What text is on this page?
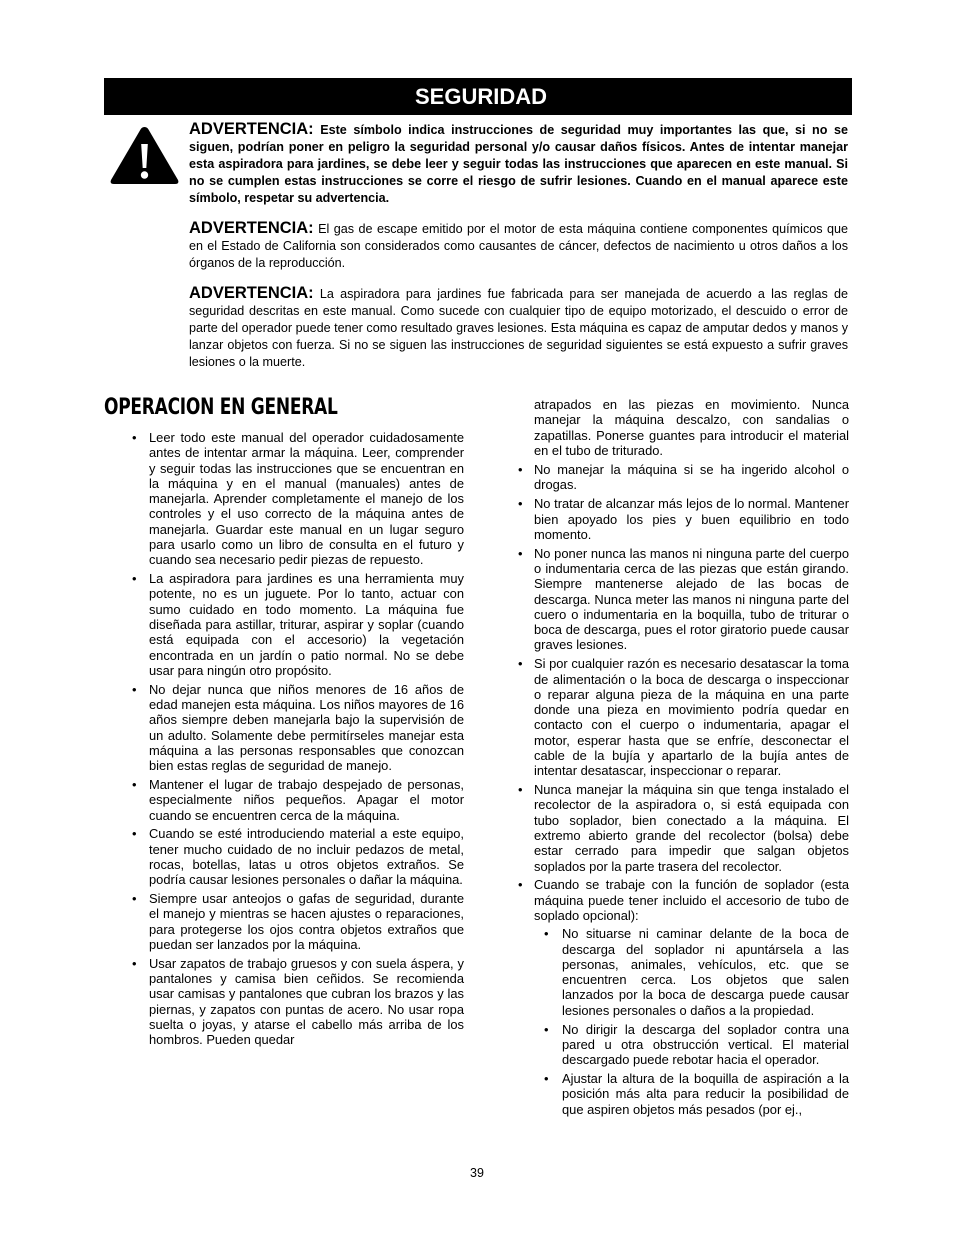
SEGURIDAD

ADVERTENCIA: Este símbolo indica instrucciones de seguridad muy importantes las que, si no se siguen, podrían poner en peligro la seguridad personal y/o causar daños físicos. Antes de intentar manejar esta aspiradora para jardines, se debe leer y seguir todas las instrucciones que aparecen en este manual. Si no se cumplen estas instrucciones se corre el riesgo de sufrir lesiones. Cuando en el manual aparece este símbolo, respetar su advertencia.

ADVERTENCIA: El gas de escape emitido por el motor de esta máquina contiene componentes químicos que en el Estado de California son considerados como causantes de cáncer, defectos de nacimiento u otros daños a los órganos de la reproducción.

ADVERTENCIA: La aspiradora para jardines fue fabricada para ser manejada de acuerdo a las reglas de seguridad descritas en este manual. Como sucede con cualquier tipo de equipo motorizado, el descuido o error de parte del operador puede tener como resultado graves lesiones. Esta máquina es capaz de amputar dedos y manos y lanzar objetos con fuerza. Si no se siguen las instrucciones de seguridad siguientes se está expuesto a sufrir graves lesiones o la muerte.

OPERACION EN GENERAL
• Leer todo este manual del operador cuidadosamente antes de intentar armar la máquina. Leer, comprender y seguir todas las instrucciones que se encuentran en la máquina y en el manual (manuales) antes de manejarla. Aprender completamente el manejo de los controles y el uso correcto de la máquina antes de manejarla. Guardar este manual en un lugar seguro para usarlo como un libro de consulta en el futuro y cuando sea necesario pedir piezas de repuesto.
• La aspiradora para jardines es una herramienta muy potente, no es un juguete. Por lo tanto, actuar con sumo cuidado en todo momento. La máquina fue diseñada para astillar, triturar, aspirar y soplar (cuando está equipada con el accesorio) la vegetación encontrada en un jardín o patio normal. No se debe usar para ningún otro propósito.
• No dejar nunca que niños menores de 16 años de edad manejen esta máquina. Los niños mayores de 16 años siempre deben manejarla bajo la supervisión de un adulto. Solamente debe permitírseles manejar esta máquina a las personas responsables que conozcan bien estas reglas de seguridad de manejo.
• Mantener el lugar de trabajo despejado de personas, especialmente niños pequeños. Apagar el motor cuando se encuentren cerca de la máquina.
• Cuando se esté introduciendo material a este equipo, tener mucho cuidado de no incluir pedazos de metal, rocas, botellas, latas u otros objetos extraños. Se podría causar lesiones personales o dañar la máquina.
• Siempre usar anteojos o gafas de seguridad, durante el manejo y mientras se hacen ajustes o reparaciones, para protegerse los ojos contra objetos extraños que puedan ser lanzados por la máquina.
• Usar zapatos de trabajo gruesos y con suela áspera, y pantalones y camisa bien ceñidos. Se recomienda usar camisas y pantalones que cubran los brazos y las piernas, y zapatos con puntas de acero. No usar ropa suelta o joyas, y atarse el cabello más arriba de los hombros. Pueden quedar
atrapados en las piezas en movimiento. Nunca manejar la máquina descalzo, con sandalias o zapatillas. Ponerse guantes para introducir el material en el tubo de triturado.
• No manejar la máquina si se ha ingerido alcohol o drogas.
• No tratar de alcanzar más lejos de lo normal. Mantener bien apoyado los pies y buen equilibrio en todo momento.
• No poner nunca las manos ni ninguna parte del cuerpo o indumentaria cerca de las piezas que están girando. Siempre mantenerse alejado de las bocas de descarga. Nunca meter las manos ni ninguna parte del cuero o indumentaria en la boquilla, tubo de triturar o boca de descarga, pues el rotor giratorio puede causar graves lesiones.
• Si por cualquier razón es necesario desatascar la toma de alimentación o la boca de descarga o inspeccionar o reparar alguna pieza de la máquina en una parte donde una pieza en movimiento podría quedar en contacto con el cuerpo o indumentaria, apagar el motor, esperar hasta que se enfríe, desconectar el cable de la bujía y apartarlo de la bujía antes de intentar desatascar, inspeccionar o reparar.
• Nunca manejar la máquina sin que tenga instalado el recolector de la aspiradora o, si está equipada con tubo soplador, bien conectado a la máquina. El extremo abierto grande del recolector (bolsa) debe estar cerrado para impedir que salgan objetos soplados por la parte trasera del recolector.
• Cuando se trabaje con la función de soplador (esta máquina puede tener incluido el accesorio de tubo de soplado opcional):
• No situarse ni caminar delante de la boca de descarga del soplador ni apuntársela a las personas, animales, vehículos, etc. que se encuentren cerca. Los objetos que salen lanzados por la boca de descarga puede causar lesiones personales o daños a la propiedad.
• No dirigir la descarga del soplador contra una pared u otra obstrucción vertical. El material descargado puede rebotar hacia el operador.
• Ajustar la altura de la boquilla de aspiración a la posición más alta para reducir la posibilidad de que aspiren objetos más pesados (por ej.,
39
